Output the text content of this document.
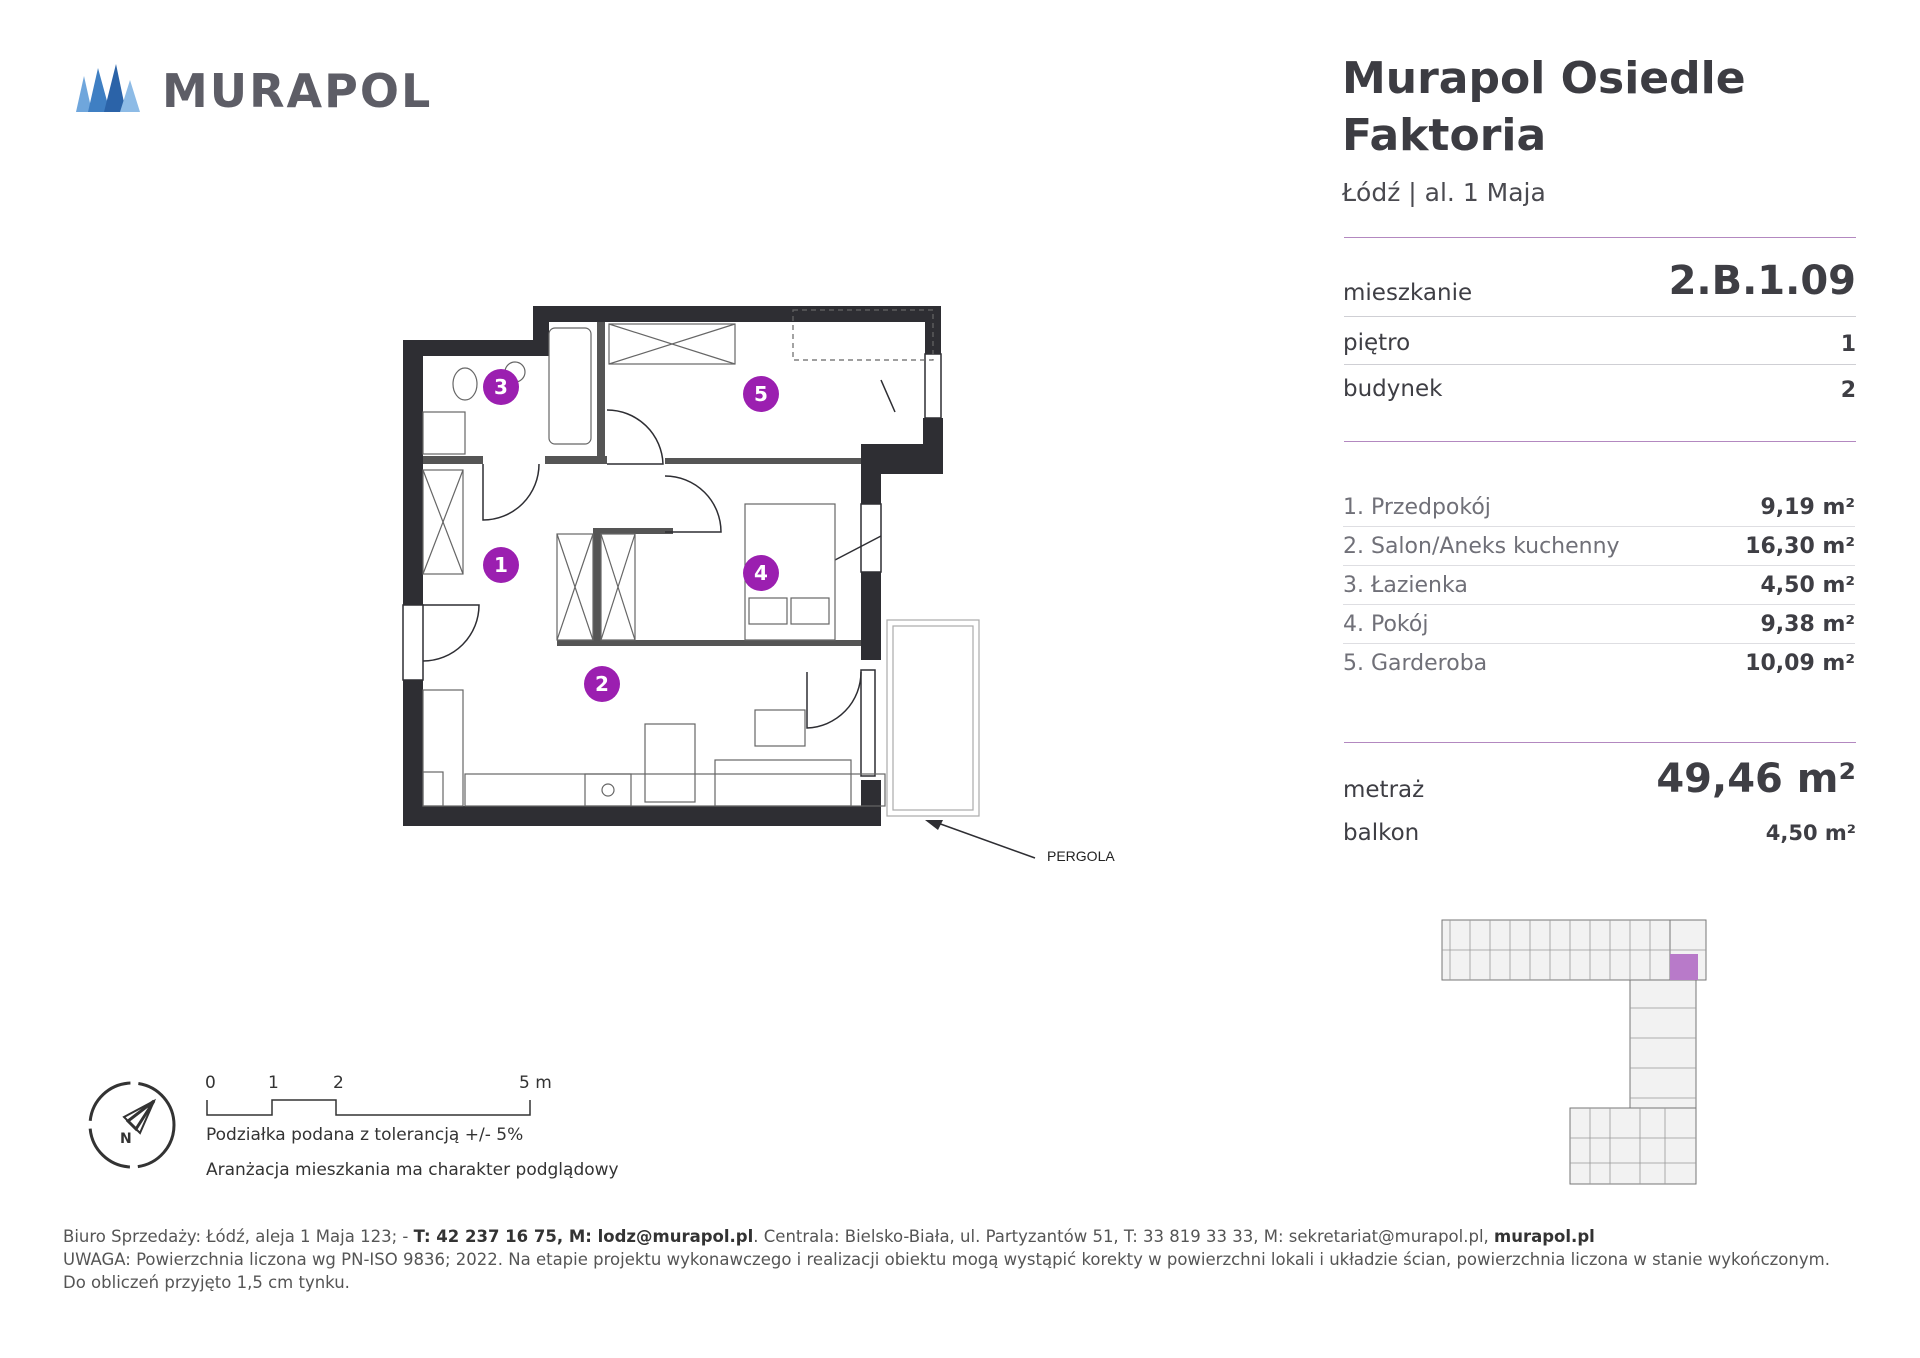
MURAPOL	Murapol Osiedle Faktoria
Łódź | al. 1 Maja
mieszkanie	2.B.1.09
piętro	1
budynek	2
1. Przedpokój	9,19 m²
2. Salon/Aneks kuchenny	16,30 m²
3. Łazienka	4,50 m²
4. Pokój	9,38 m²
5. Garderoba	10,09 m²
metraż	49,46 m²
balkon	4,50 m²
1
2
3
4
5
PERGOLA
N
0	1	2	5 m
Podziałka podana z tolerancją +/- 5%
Aranżacja mieszkania ma charakter podglądowy
Biuro Sprzedaży: Łódź, aleja 1 Maja 123; - T: 42 237 16 75, M: lodz@murapol.pl. Centrala: Bielsko-Biała, ul. Partyzantów 51, T: 33 819 33 33, M: sekretariat@murapol.pl, murapol.pl
UWAGA: Powierzchnia liczona wg PN-ISO 9836; 2022. Na etapie projektu wykonawczego i realizacji obiektu mogą wystąpić korekty w powierzchni lokali i układzie ścian, powierzchnia liczona w stanie wykończonym.
Do obliczeń przyjęto 1,5 cm tynku.
